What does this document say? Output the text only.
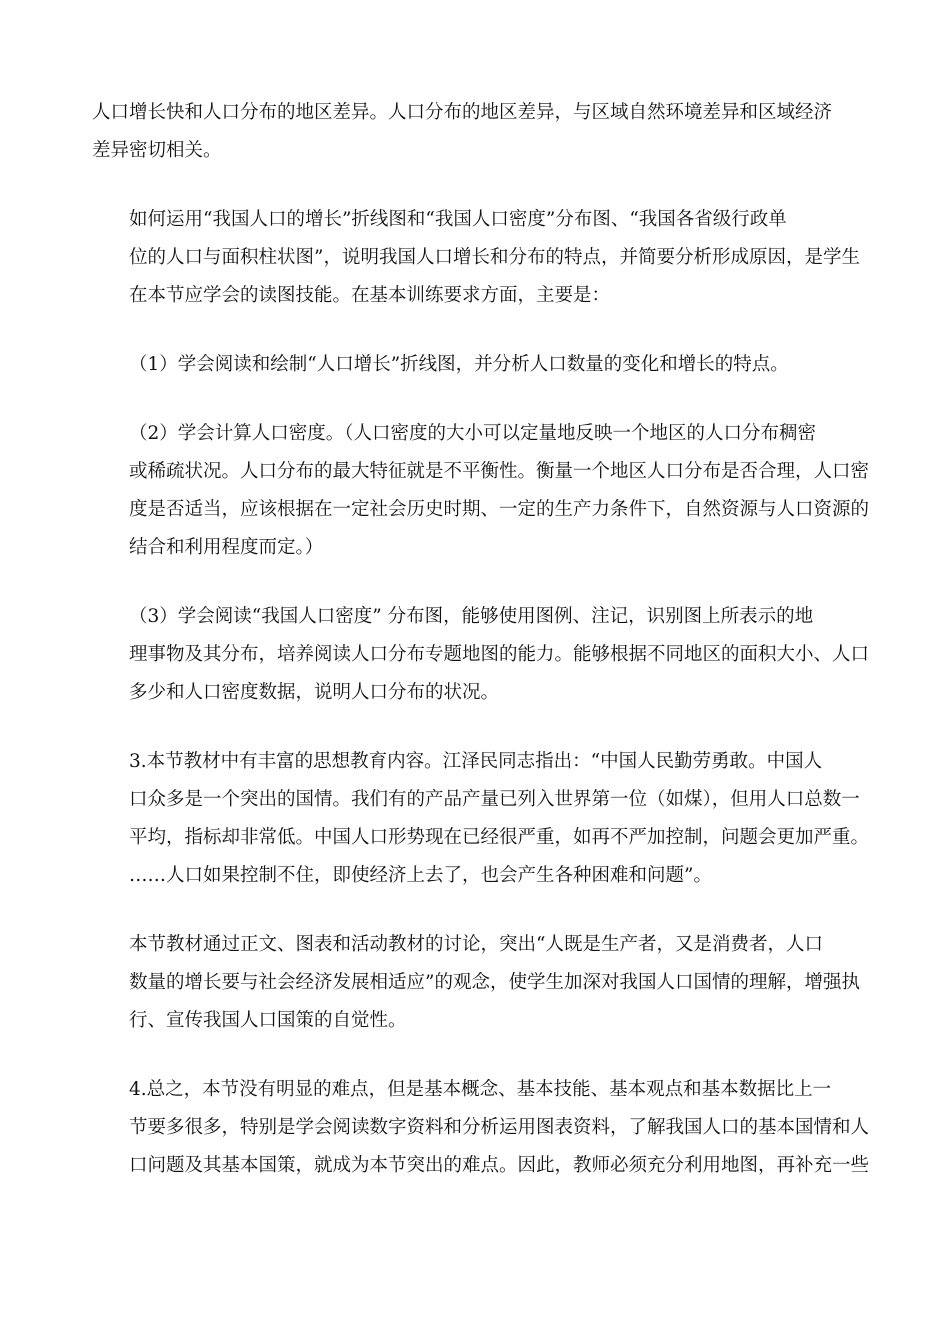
人口增长快和人口分布的地区差异。人口分布的地区差异，与区域自然环境差异和区域经济
差异密切相关。

如何运用“我国人口的增长”折线图和“我国人口密度”分布图、“我国各省级行政单
位的人口与面积柱状图”，说明我国人口增长和分布的特点，并简要分析形成原因，是学生
在本节应学会的读图技能。在基本训练要求方面，主要是：

（1）学会阅读和绘制“人口增长”折线图，并分析人口数量的变化和增长的特点。

（2）学会计算人口密度。（人口密度的大小可以定量地反映一个地区的人口分布稠密
或稀疏状况。人口分布的最大特征就是不平衡性。衡量一个地区人口分布是否合理，人口密
度是否适当，应该根据在一定社会历史时期、一定的生产力条件下，自然资源与人口资源的
结合和利用程度而定。）

（3）学会阅读“我国人口密度” 分布图，能够使用图例、注记，识别图上所表示的地
理事物及其分布，培养阅读人口分布专题地图的能力。能够根据不同地区的面积大小、人口
多少和人口密度数据，说明人口分布的状况。

3.本节教材中有丰富的思想教育内容。江泽民同志指出：“中国人民勤劳勇敢。中国人
口众多是一个突出的国情。我们有的产品产量已列入世界第一位（如煤），但用人口总数一
平均，指标却非常低。中国人口形势现在已经很严重，如再不严加控制，问题会更加严重。
……人口如果控制不住，即使经济上去了，也会产生各种困难和问题”。

本节教材通过正文、图表和活动教材的讨论，突出“人既是生产者，又是消费者，人口
数量的增长要与社会经济发展相适应”的观念，使学生加深对我国人口国情的理解，增强执
行、宣传我国人口国策的自觉性。

4.总之，本节没有明显的难点，但是基本概念、基本技能、基本观点和基本数据比上一
节要多很多，特别是学会阅读数字资料和分析运用图表资料，了解我国人口的基本国情和人
口问题及其基本国策，就成为本节突出的难点。因此，教师必须充分利用地图，再补充一些
